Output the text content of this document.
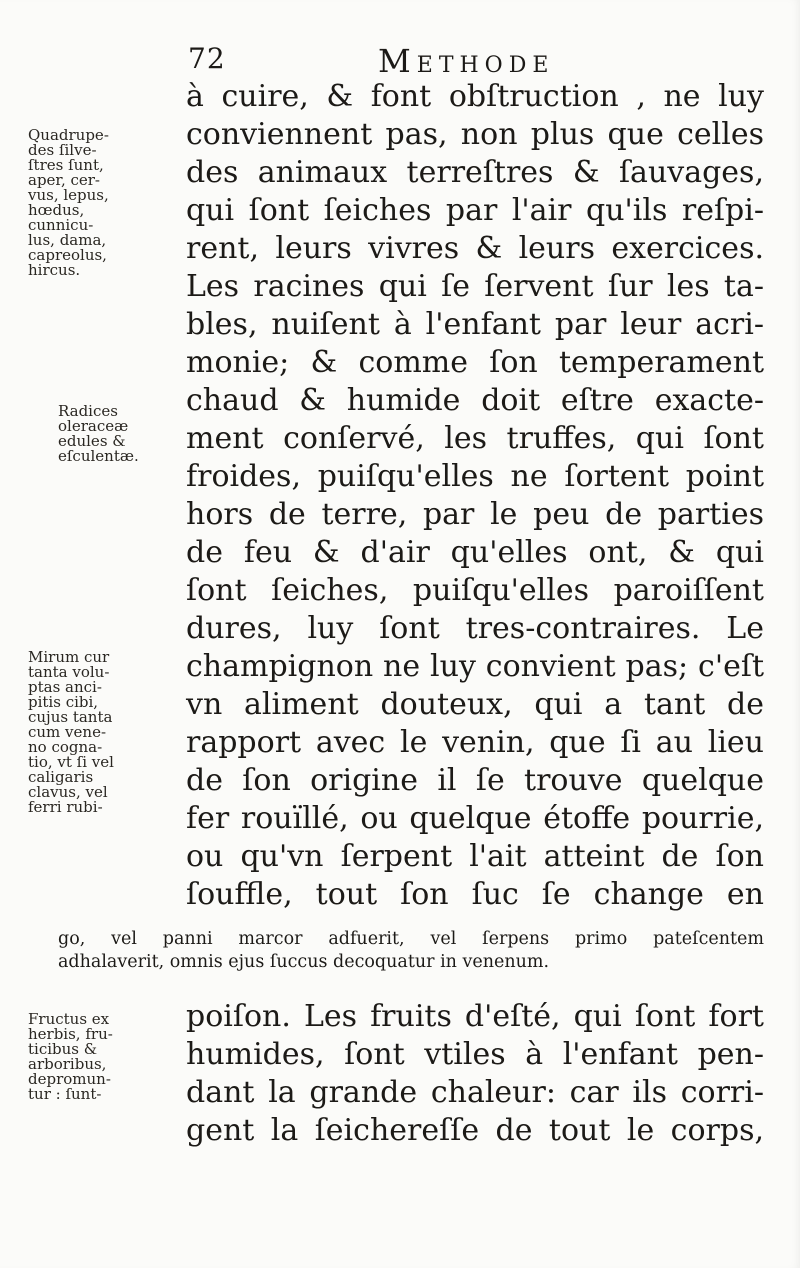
72	Methode
à cuire, & font obſtruction , ne luy
conviennent pas, non plus que celles
des animaux terreſtres & ſauvages,
qui ſont ſeiches par l'air qu'ils reſpi-
rent, leurs vivres & leurs exercices.
Les racines qui ſe ſervent ſur les ta-
bles, nuiſent à l'enfant par leur acri-
monie; & comme ſon temperament
chaud & humide doit eſtre exacte-
ment conſervé, les truffes, qui ſont
froides, puiſqu'elles ne ſortent point
hors de terre, par le peu de parties
de feu & d'air qu'elles ont, & qui
ſont ſeiches, puiſqu'elles paroiſſent
dures, luy ſont tres-contraires. Le
champignon ne luy convient pas; c'eſt
vn aliment douteux, qui a tant de
rapport avec le venin, que ſi au lieu
de ſon origine il ſe trouve quelque
fer rouïllé, ou quelque étoffe pourrie,
ou qu'vn ſerpent l'ait atteint de ſon
ſouffle, tout ſon ſuc ſe change en
go, vel panni marcor adfuerit, vel ſerpens primo pateſcentem
adhalaverit, omnis ejus ſuccus decoquatur in venenum.
poiſon. Les fruits d'eſté, qui ſont fort
humides, ſont vtiles à l'enfant pen-
dant la grande chaleur: car ils corri-
gent la ſeichereſſe de tout le corps,
Quadrupe-
des ſilve-
ſtres ſunt,
aper, cer-
vus, lepus,
hœdus,
cunnicu-
lus, dama,
capreolus,
hircus.
Radices
oleraceæ
edules &
eſculentæ.
Mirum cur
tanta volu-
ptas anci-
pitis cibi,
cujus tanta
cum vene-
no cogna-
tio, vt ſi vel
caligaris
clavus, vel
ferri rubi-
Fructus ex
herbis, fru-
ticibus &
arboribus,
depromun-
tur : ſunt-
